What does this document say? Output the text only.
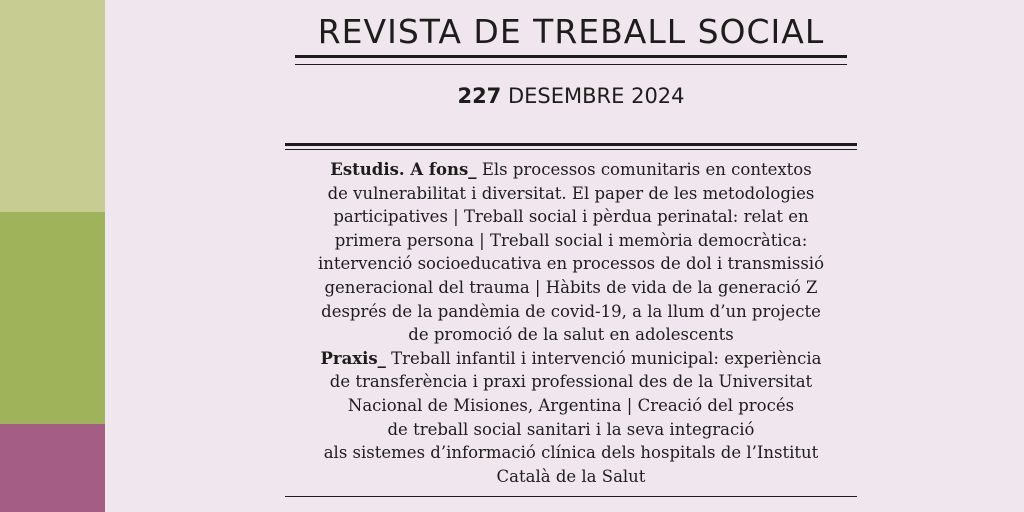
REVISTA DE TREBALL SOCIAL
227 DESEMBRE 2024
Estudis. A fons_ Els processos comunitaris en contextos
de vulnerabilitat i diversitat. El paper de les metodologies
participatives | Treball social i pèrdua perinatal: relat en
primera persona | Treball social i memòria democràtica:
intervenció socioeducativa en processos de dol i transmissió
generacional del trauma | Hàbits de vida de la generació Z
després de la pandèmia de covid-19, a la llum d’un projecte
de promoció de la salut en adolescents
Praxis_ Treball infantil i intervenció municipal: experiència
de transferència i praxi professional des de la Universitat
Nacional de Misiones, Argentina | Creació del procés
de treball social sanitari i la seva integració
als sistemes d’informació clínica dels hospitals de l’Institut
Català de la Salut
